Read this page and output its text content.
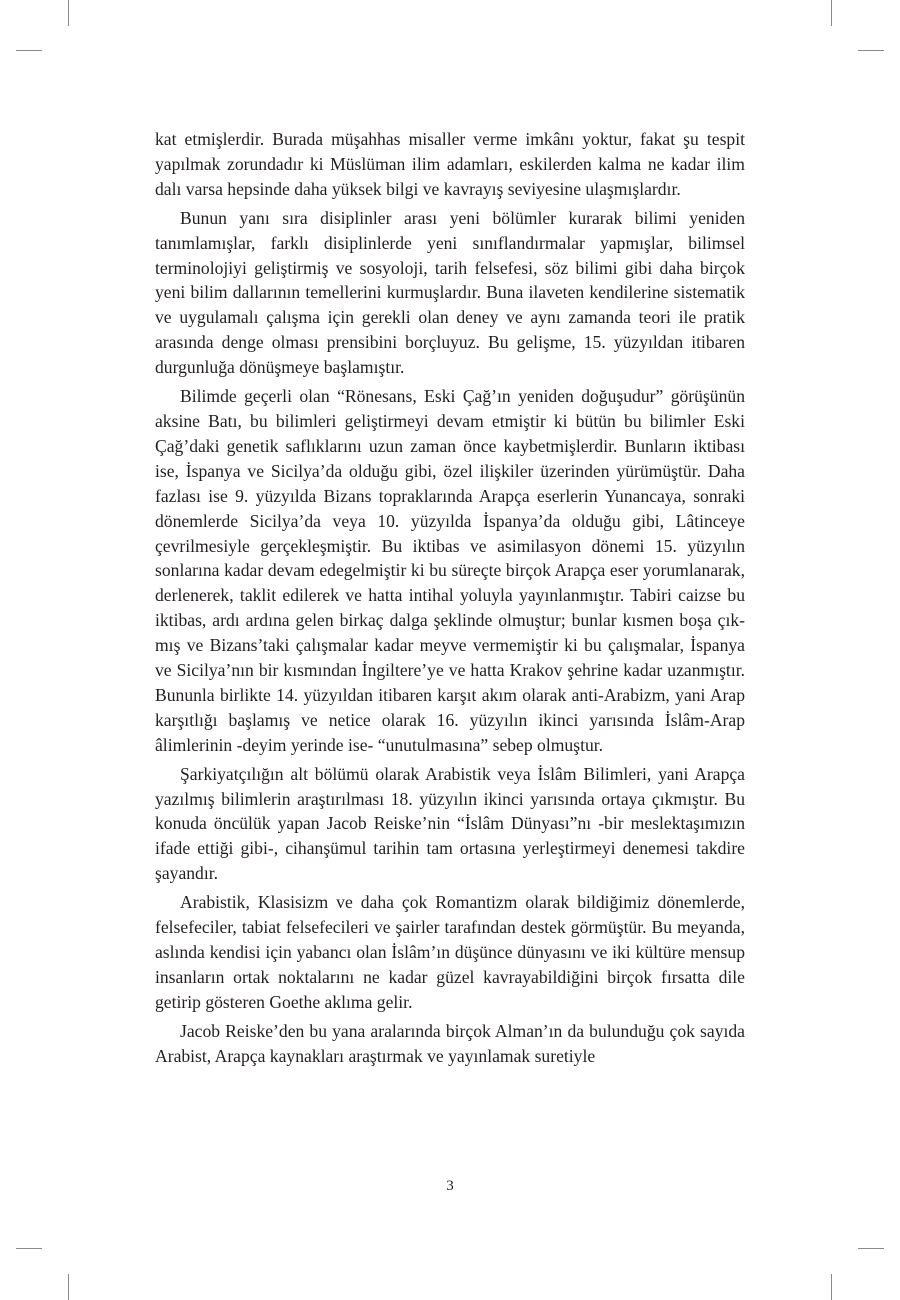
kat etmişlerdir. Burada müşahhas misaller verme imkânı yoktur, fakat şu tespit yapılmak zorundadır ki Müslüman ilim adamları, eskilerden kalma ne kadar ilim dalı varsa hepsinde daha yüksek bilgi ve kavrayış seviyesine ulaşmışlardır.

Bunun yanı sıra disiplinler arası yeni bölümler kurarak bilimi yeniden tanımlamışlar, farklı disiplinlerde yeni sınıflandırmalar yapmışlar, bilimsel terminolojiyi geliştirmiş ve sosyoloji, tarih felsefesi, söz bilimi gibi daha birçok yeni bilim dallarının temellerini kurmuşlardır. Buna ilaveten kendilerine sistematik ve uygulamalı çalışma için gerekli olan deney ve aynı zamanda teori ile pratik arasında denge olması prensibini borçluyuz. Bu gelişme, 15. yüzyıldan itibaren durgunluğa dönüşmeye başlamıştır.

Bilimde geçerli olan “Rönesans, Eski Çağ’ın yeniden doğuşudur” görüşünün aksine Batı, bu bilimleri geliştirmeyi devam etmiştir ki bütün bu bilimler Eski Çağ’daki genetik saflıklarını uzun zaman önce kaybetmişlerdir. Bunların iktibası ise, İspanya ve Sicilya’da olduğu gibi, özel ilişkiler üzerinden yürümüştür. Daha fazlası ise 9. yüzyılda Bizans topraklarında Arapça eserlerin Yunancaya, sonraki dönemlerde Sicilya’da veya 10. yüzyılda İspanya’da olduğu gibi, Lâtinceye çevrilmesiyle gerçekleşmiştir. Bu iktibas ve asimilasyon dönemi 15. yüzyılın sonlarına kadar devam edegelmiştir ki bu süreçte birçok Arapça eser yorumlanarak, derlenerek, taklit edilerek ve hatta intihal yoluyla yayınlanmıştır. Tabiri caizse bu iktibas, ardı ardına gelen birkaç dalga şeklinde olmuştur; bunlar kısmen boşa çıkmış ve Bizans’taki çalışmalar kadar meyve vermemiştir ki bu çalışmalar, İspanya ve Sicilya’nın bir kısmından İngiltere’ye ve hatta Krakov şehrine kadar uzanmıştır. Bununla birlikte 14. yüzyıldan itibaren karşıt akım olarak anti-Arabizm, yani Arap karşıtlığı başlamış ve netice olarak 16. yüzyılın ikinci yarısında İslâm-Arap âlimlerinin -deyim yerinde ise- “unutulmasına” sebep olmuştur.

Şarkiyatçılığın alt bölümü olarak Arabistik veya İslâm Bilimleri, yani Arapça yazılmış bilimlerin araştırılması 18. yüzyılın ikinci yarısında ortaya çıkmıştır. Bu konuda öncülük yapan Jacob Reiske’nin “İslâm Dünyası”nı -bir meslektaşımızın ifade ettiği gibi-, cihanşümul tarihin tam ortasına yerleştirmeyi denemesi takdire şayandır.

Arabistik, Klasisizm ve daha çok Romantizm olarak bildiğimiz dönemlerde, felsefeciler, tabiat felsefecileri ve şairler tarafından destek görmüştür. Bu meyanda, aslında kendisi için yabancı olan İslâm’ın düşünce dünyasını ve iki kültüre mensup insanların ortak noktalarını ne kadar güzel kavrayabildiğini birçok fırsatta dile getirip gösteren Goethe aklıma gelir.

Jacob Reiske’den bu yana aralarında birçok Alman’ın da bulunduğu çok sayıda Arabist, Arapça kaynakları araştırmak ve yayınlamak suretiyle

3
